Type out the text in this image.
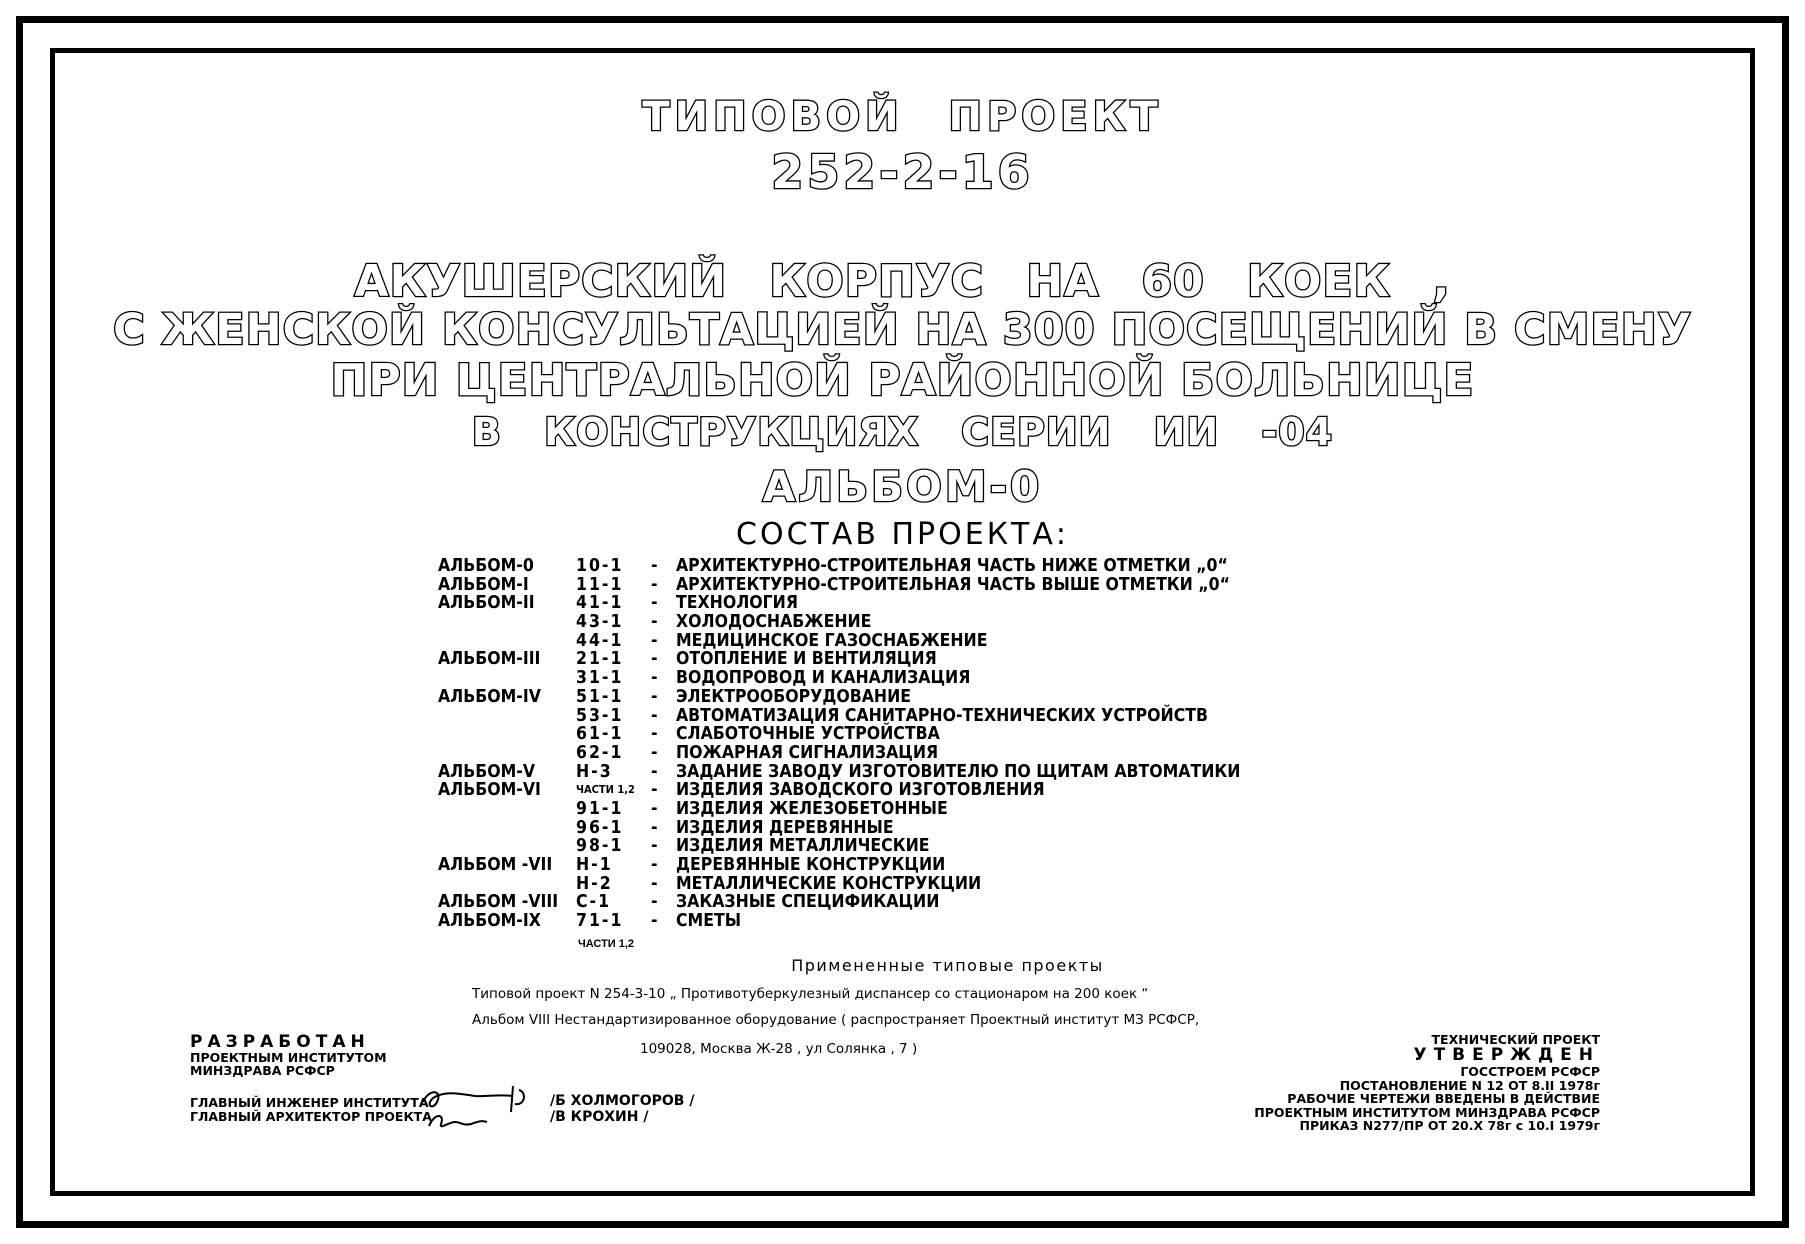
ТИПОВОЙ ПРОЕКТ
252-2-16
АКУШЕРСКИЙ КОРПУС НА 60 КОЕК ,
С ЖЕНСКОЙ КОНСУЛЬТАЦИЕЙ НА 300 ПОСЕЩЕНИЙ В СМЕНУ
ПРИ ЦЕНТРАЛЬНОЙ РАЙОННОЙ БОЛЬНИЦЕ
В КОНСТРУКЦИЯХ СЕРИИ ИИ -04
АЛЬБОМ-0
СОСТАВ ПРОЕКТА:
АЛЬБОМ-0	10-1	- АРХИТЕКТУРНО-СТРОИТЕЛЬНАЯ ЧАСТЬ НИЖЕ ОТМЕТКИ „0“
АЛЬБОМ-I	11-1	- АРХИТЕКТУРНО-СТРОИТЕЛЬНАЯ ЧАСТЬ ВЫШЕ ОТМЕТКИ „0“
АЛЬБОМ-II	41-1	- ТЕХНОЛОГИЯ
43-1	- ХОЛОДОСНАБЖЕНИЕ
44-1	- МЕДИЦИНСКОЕ ГАЗОСНАБЖЕНИЕ
АЛЬБОМ-III	21-1	- ОТОПЛЕНИЕ И ВЕНТИЛЯЦИЯ
31-1	- ВОДОПРОВОД И КАНАЛИЗАЦИЯ
АЛЬБОМ-IV	51-1	- ЭЛЕКТРООБОРУДОВАНИЕ
53-1	- АВТОМАТИЗАЦИЯ САНИТАРНО-ТЕХНИЧЕСКИХ УСТРОЙСТВ
61-1	- СЛАБОТОЧНЫЕ УСТРОЙСТВА
62-1	- ПОЖАРНАЯ СИГНАЛИЗАЦИЯ
АЛЬБОМ-V	Н-3	- ЗАДАНИЕ ЗАВОДУ ИЗГОТОВИТЕЛЮ ПО ЩИТАМ АВТОМАТИКИ
АЛЬБОМ-VI	ЧАСТИ 1,2 - ИЗДЕЛИЯ ЗАВОДСКОГО ИЗГОТОВЛЕНИЯ
91-1	- ИЗДЕЛИЯ ЖЕЛЕЗОБЕТОННЫЕ
96-1	- ИЗДЕЛИЯ ДЕРЕВЯННЫЕ
98-1	- ИЗДЕЛИЯ МЕТАЛЛИЧЕСКИЕ
АЛЬБОМ -VII	Н-1	- ДЕРЕВЯННЫЕ КОНСТРУКЦИИ
Н-2	- МЕТАЛЛИЧЕСКИЕ КОНСТРУКЦИИ
АЛЬБОМ -VIII	С-1	- ЗАКАЗНЫЕ СПЕЦИФИКАЦИИ
АЛЬБОМ-IX	71-1	- СМЕТЫ
ЧАСТИ 1,2
Примененные типовые проекты
Типовой проект N 254-3-10 „ Противотуберкулезный диспансер со стационаром на 200 коек “
Альбом VIII Нестандартизированное оборудование ( распространяет Проектный институт МЗ РСФСР,
109028, Москва Ж-28 , ул Солянка , 7 )
РАЗРАБОТАН
ПРОЕКТНЫМ ИНСТИТУТОМ
МИНЗДРАВА РСФСР
ГЛАВНЫЙ ИНЖЕНЕР ИНСТИТУТА	/Б ХОЛМОГОРОВ /
ГЛАВНЫЙ АРХИТЕКТОР ПРОЕКТА	/В КРОХИН /
ТЕХНИЧЕСКИЙ ПРОЕКТ
УТВЕРЖДЕН
ГОССТРОЕМ РСФСР
ПОСТАНОВЛЕНИЕ N 12 ОТ 8.II 1978г
РАБОЧИЕ ЧЕРТЕЖИ ВВЕДЕНЫ В ДЕЙСТВИЕ
ПРОЕКТНЫМ ИНСТИТУТОМ МИНЗДРАВА РСФСР
ПРИКАЗ N277/ПР ОТ 20.X 78г с 10.I 1979г
